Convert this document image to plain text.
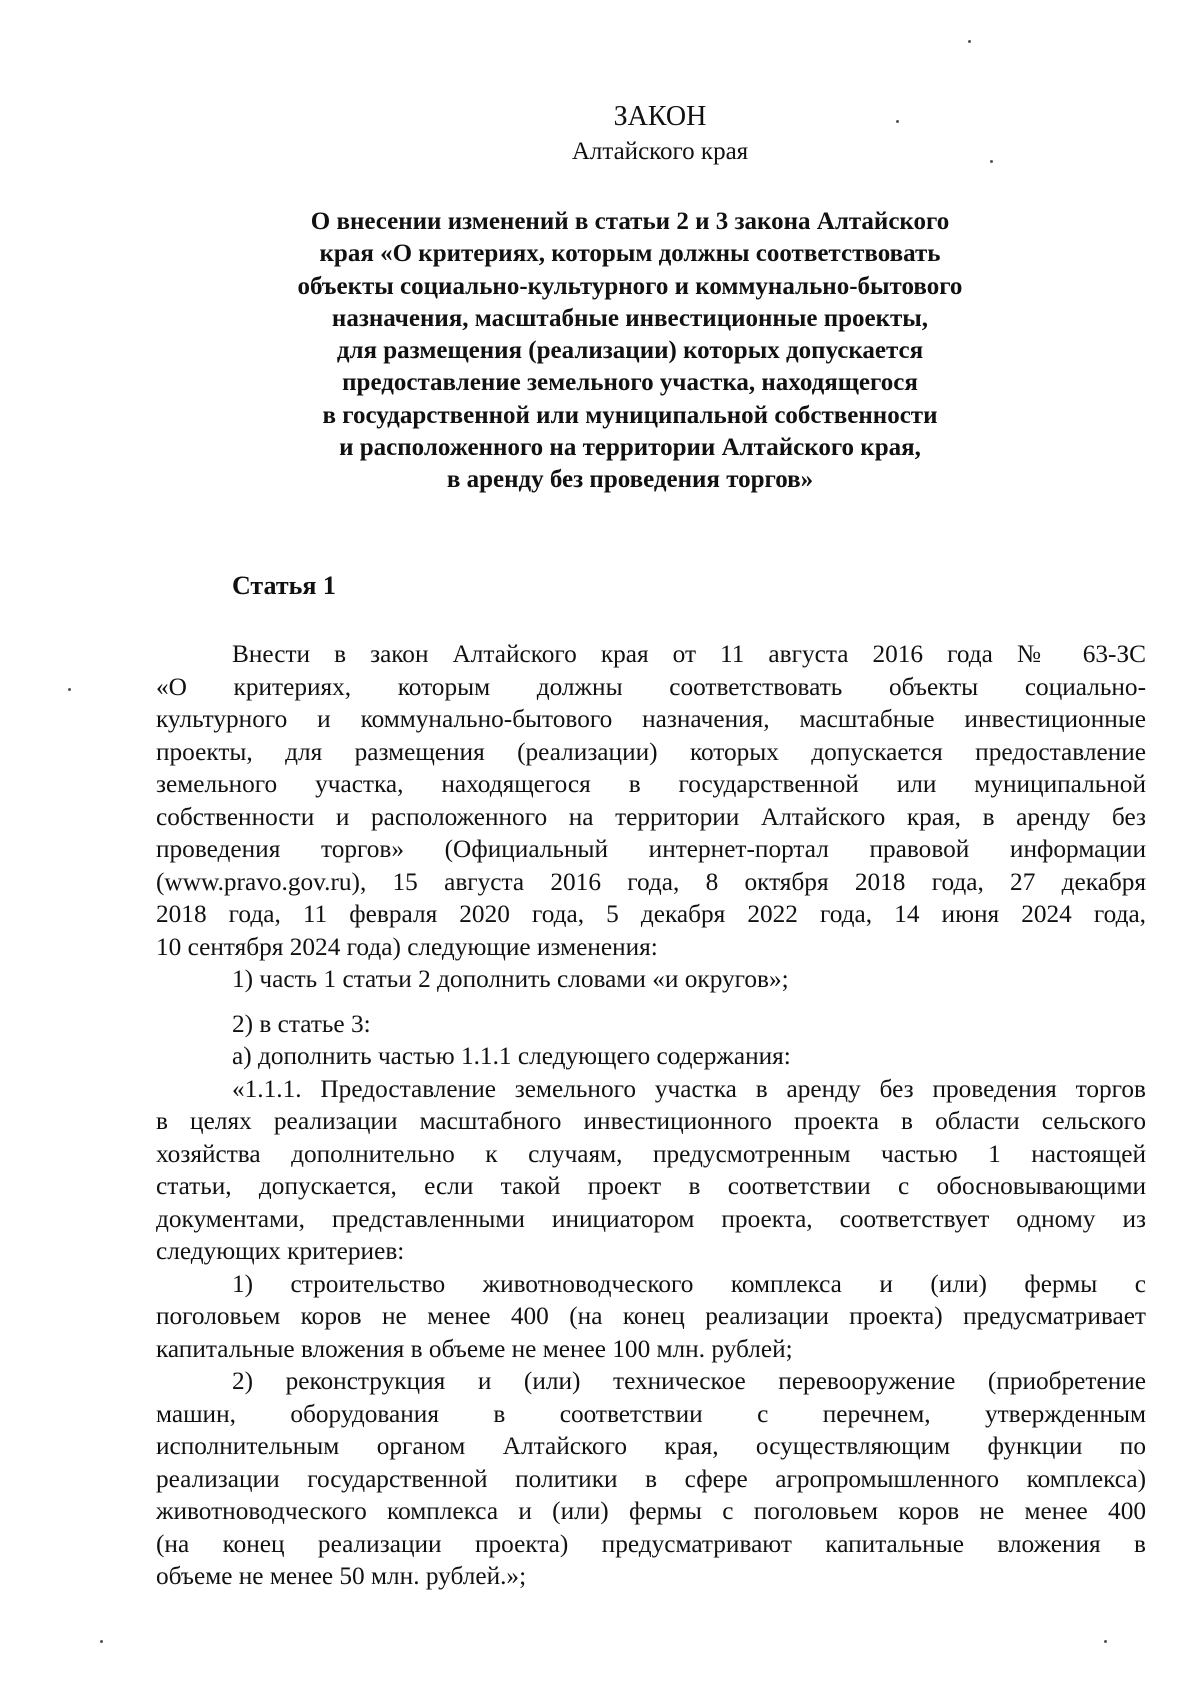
ЗАКОН
Алтайского края
О внесении изменений в статьи 2 и 3 закона Алтайского
края «О критериях, которым должны соответствовать
объекты социально-культурного и коммунально-бытового
назначения, масштабные инвестиционные проекты,
для размещения (реализации) которых допускается
предоставление земельного участка, находящегося
в государственной или муниципальной собственности
и расположенного на территории Алтайского края,
в аренду без проведения торгов»
Статья 1
Внести в закон Алтайского края от 11 августа 2016 года № 63-ЗС
«О критериях, которым должны соответствовать объекты социально-
культурного и коммунально-бытового назначения, масштабные инвестиционные
проекты, для размещения (реализации) которых допускается предоставление
земельного участка, находящегося в государственной или муниципальной
собственности и расположенного на территории Алтайского края, в аренду без
проведения торгов» (Официальный интернет-портал правовой информации
(www.pravo.gov.ru), 15 августа 2016 года, 8 октября 2018 года, 27 декабря
2018 года, 11 февраля 2020 года, 5 декабря 2022 года, 14 июня 2024 года,
10 сентября 2024 года) следующие изменения:
1) часть 1 статьи 2 дополнить словами «и округов»;
2) в статье 3:
а) дополнить частью 1.1.1 следующего содержания:
«1.1.1. Предоставление земельного участка в аренду без проведения торгов
в целях реализации масштабного инвестиционного проекта в области сельского
хозяйства дополнительно к случаям, предусмотренным частью 1 настоящей
статьи, допускается, если такой проект в соответствии с обосновывающими
документами, представленными инициатором проекта, соответствует одному из
следующих критериев:
1) строительство животноводческого комплекса и (или) фермы с
поголовьем коров не менее 400 (на конец реализации проекта) предусматривает
капитальные вложения в объеме не менее 100 млн. рублей;
2) реконструкция и (или) техническое перевооружение (приобретение
машин, оборудования в соответствии с перечнем, утвержденным
исполнительным органом Алтайского края, осуществляющим функции по
реализации государственной политики в сфере агропромышленного комплекса)
животноводческого комплекса и (или) фермы с поголовьем коров не менее 400
(на конец реализации проекта) предусматривают капитальные вложения в
объеме не менее 50 млн. рублей.»;
